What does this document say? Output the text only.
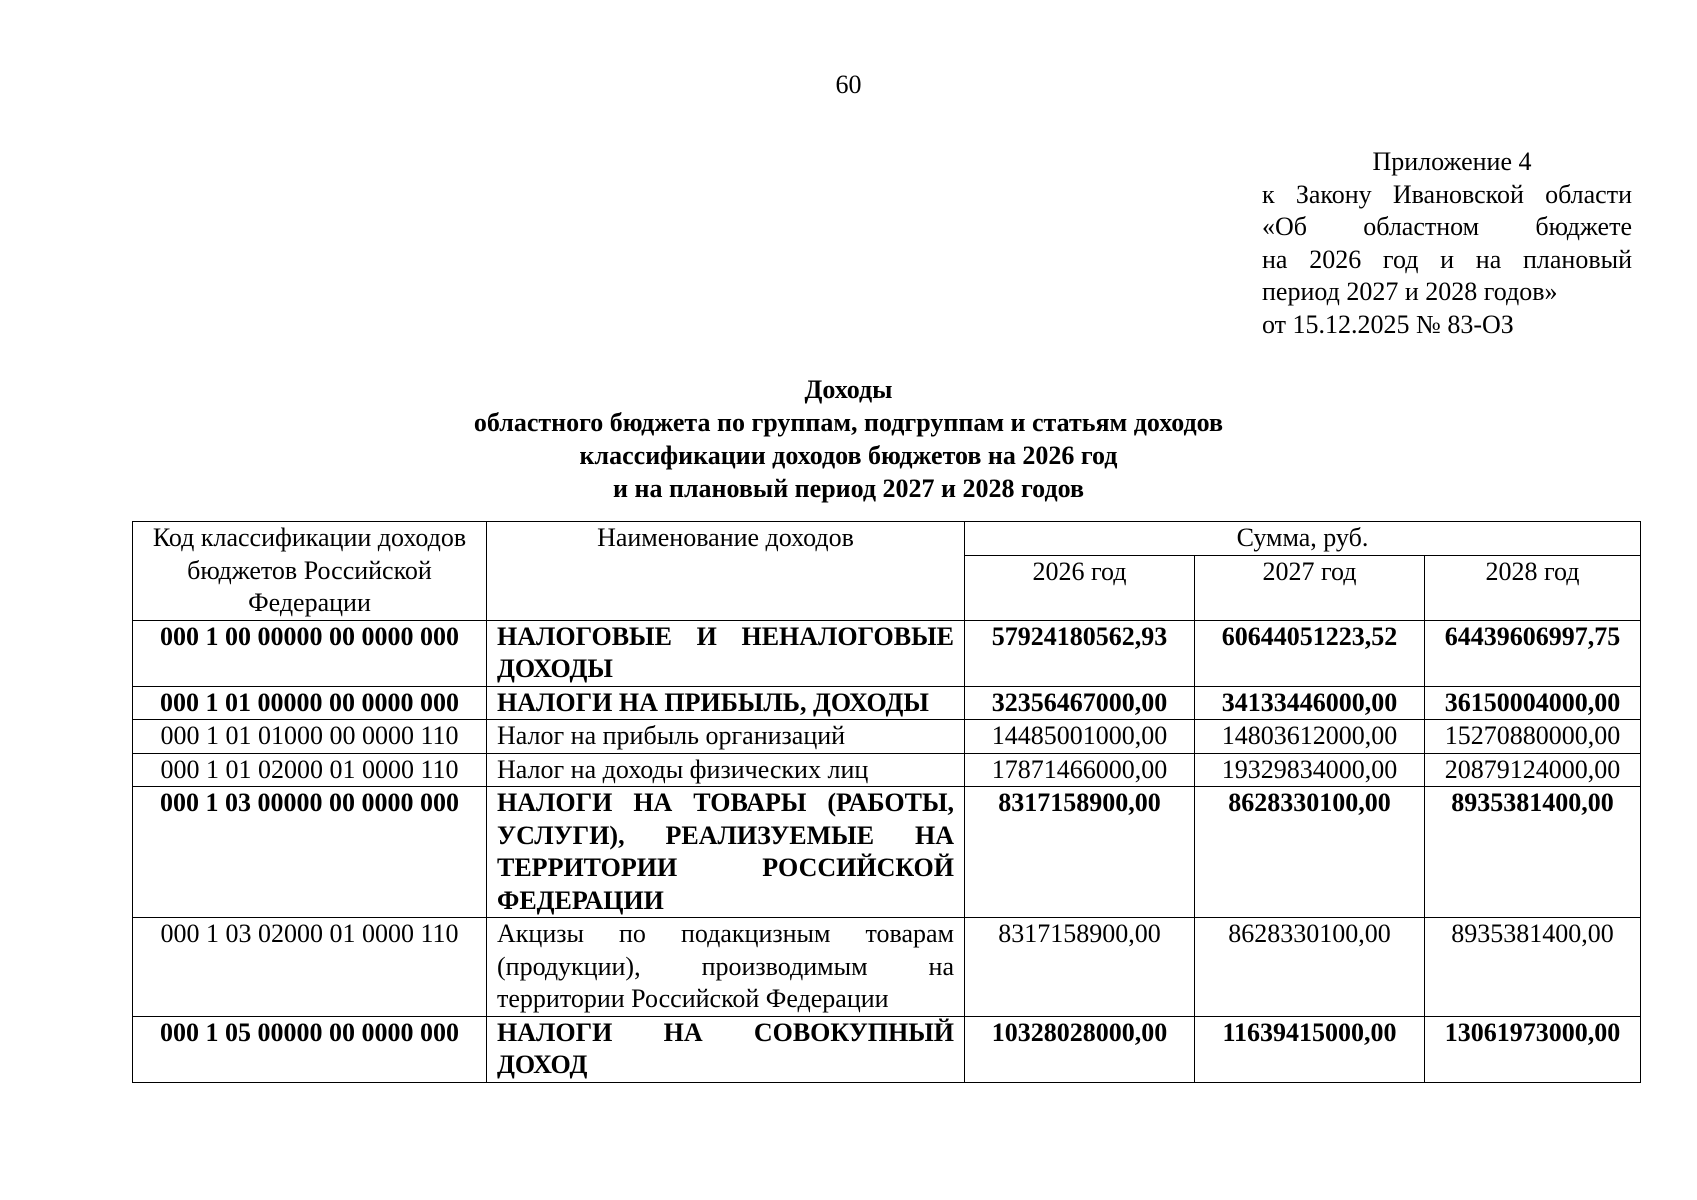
60
Приложение 4
к Закону Ивановской области
«Об областном бюджете
на 2026 год и на плановый
период 2027 и 2028 годов»
от 15.12.2025 № 83-ОЗ
Доходы
областного бюджета по группам, подгруппам и статьям доходов
классификации доходов бюджетов на 2026 год
и на плановый период 2027 и 2028 годов
Код классификации доходов бюджетов Российской Федерации	Наименование доходов	Сумма, руб.		
		2026 год	2027 год	2028 год
000 1 00 00000 00 0000 000	НАЛОГОВЫЕ И НЕНАЛОГОВЫЕ ДОХОДЫ	57924180562,93	60644051223,52	64439606997,75
000 1 01 00000 00 0000 000	НАЛОГИ НА ПРИБЫЛЬ, ДОХОДЫ	32356467000,00	34133446000,00	36150004000,00
000 1 01 01000 00 0000 110	Налог на прибыль организаций	14485001000,00	14803612000,00	15270880000,00
000 1 01 02000 01 0000 110	Налог на доходы физических лиц	17871466000,00	19329834000,00	20879124000,00
000 1 03 00000 00 0000 000	НАЛОГИ НА ТОВАРЫ (РАБОТЫ, УСЛУГИ), РЕАЛИЗУЕМЫЕ НА ТЕРРИТОРИИ РОССИЙСКОЙ ФЕДЕРАЦИИ	8317158900,00	8628330100,00	8935381400,00
000 1 03 02000 01 0000 110	Акцизы по подакцизным товарам (продукции), производимым на территории Российской Федерации	8317158900,00	8628330100,00	8935381400,00
000 1 05 00000 00 0000 000	НАЛОГИ НА СОВОКУПНЫЙ ДОХОД	10328028000,00	11639415000,00	13061973000,00
